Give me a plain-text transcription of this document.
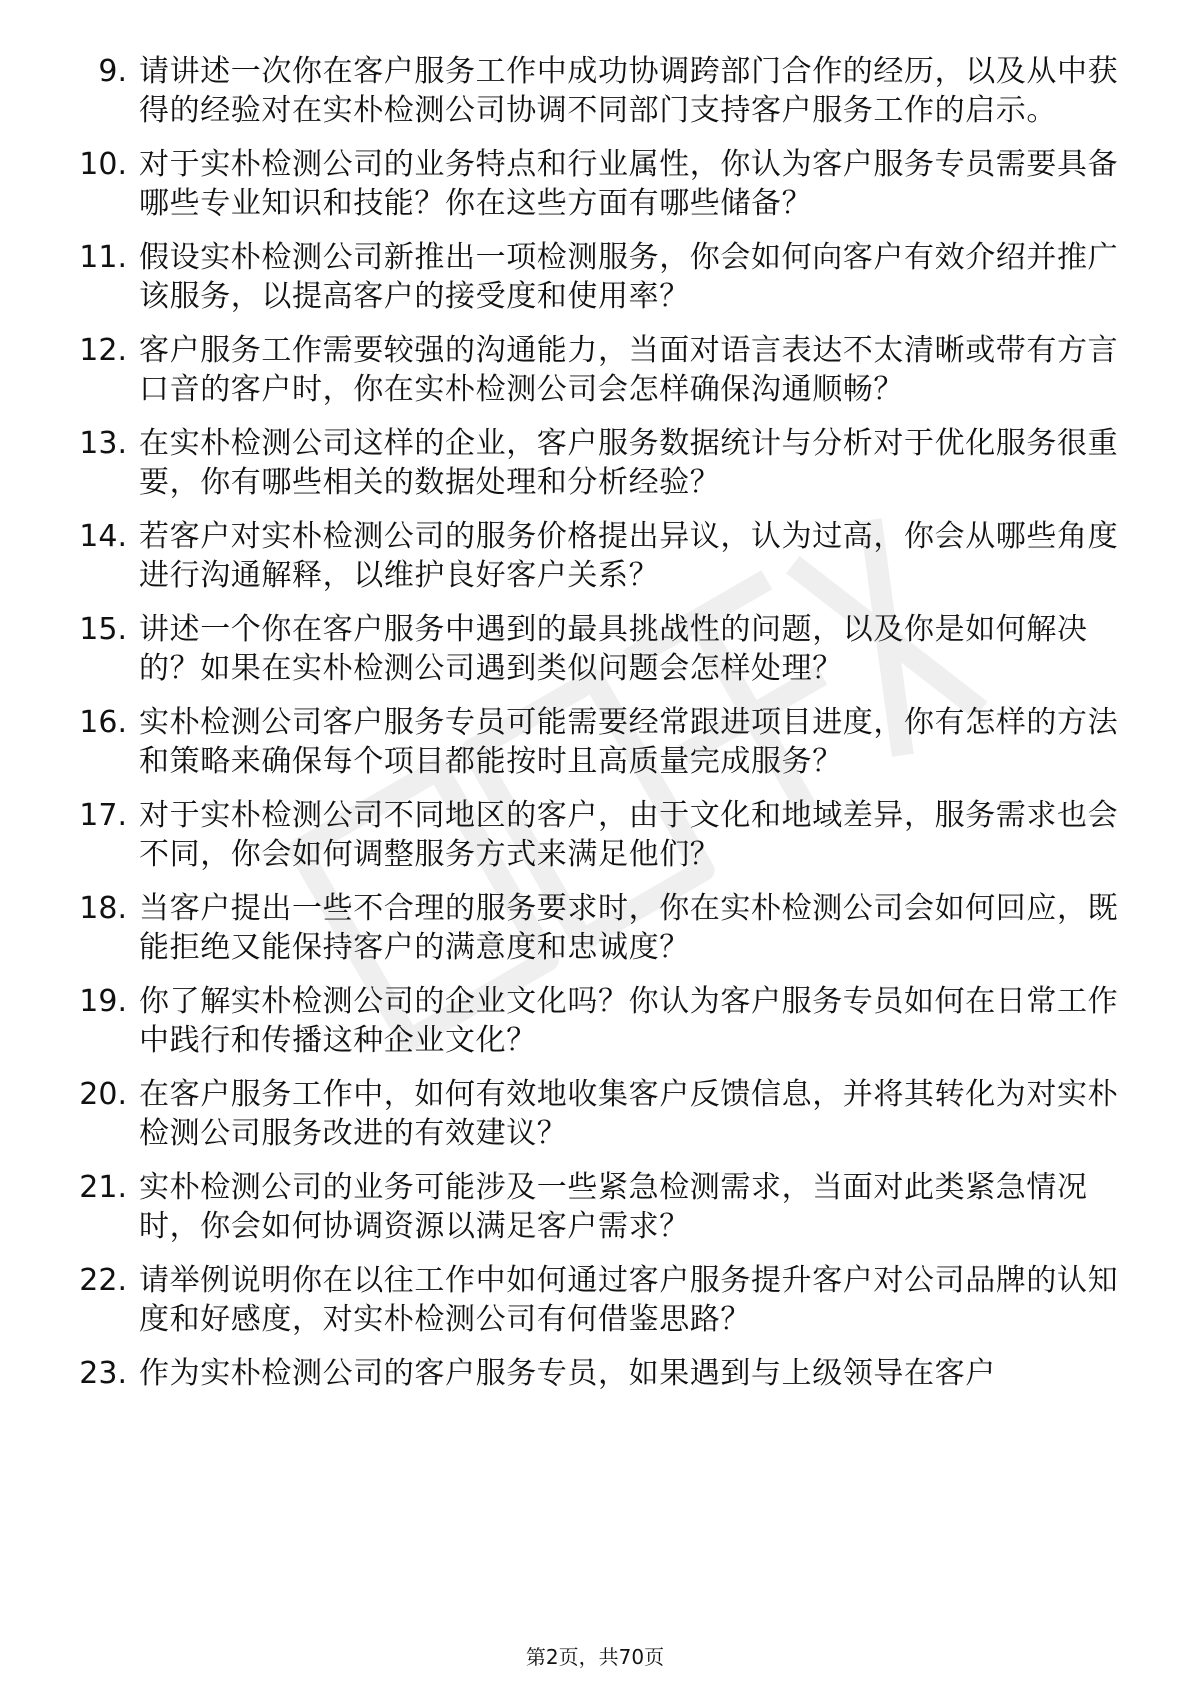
9. 请讲述一次你在客户服务工作中成功协调跨部门合作的经历，以及从中获得的经验对在实朴检测公司协调不同部门支持客户服务工作的启示。
10. 对于实朴检测公司的业务特点和行业属性，你认为客户服务专员需要具备哪些专业知识和技能？你在这些方面有哪些储备？
11. 假设实朴检测公司新推出一项检测服务，你会如何向客户有效介绍并推广该服务，以提高客户的接受度和使用率？
12. 客户服务工作需要较强的沟通能力，当面对语言表达不太清晰或带有方言口音的客户时，你在实朴检测公司会怎样确保沟通顺畅？
13. 在实朴检测公司这样的企业，客户服务数据统计与分析对于优化服务很重要，你有哪些相关的数据处理和分析经验？
14. 若客户对实朴检测公司的服务价格提出异议，认为过高，你会从哪些角度进行沟通解释，以维护良好客户关系？
15. 讲述一个你在客户服务中遇到的最具挑战性的问题，以及你是如何解决的？如果在实朴检测公司遇到类似问题会怎样处理？
16. 实朴检测公司客户服务专员可能需要经常跟进项目进度，你有怎样的方法和策略来确保每个项目都能按时且高质量完成服务？
17. 对于实朴检测公司不同地区的客户，由于文化和地域差异，服务需求也会不同，你会如何调整服务方式来满足他们？
18. 当客户提出一些不合理的服务要求时，你在实朴检测公司会如何回应，既能拒绝又能保持客户的满意度和忠诚度？
19. 你了解实朴检测公司的企业文化吗？你认为客户服务专员如何在日常工作中践行和传播这种企业文化？
20. 在客户服务工作中，如何有效地收集客户反馈信息，并将其转化为对实朴检测公司服务改进的有效建议？
21. 实朴检测公司的业务可能涉及一些紧急检测需求，当面对此类紧急情况时，你会如何协调资源以满足客户需求？
22. 请举例说明你在以往工作中如何通过客户服务提升客户对公司品牌的认知度和好感度，对实朴检测公司有何借鉴思路？
23. 作为实朴检测公司的客户服务专员，如果遇到与上级领导在客户
第2页，共70页
